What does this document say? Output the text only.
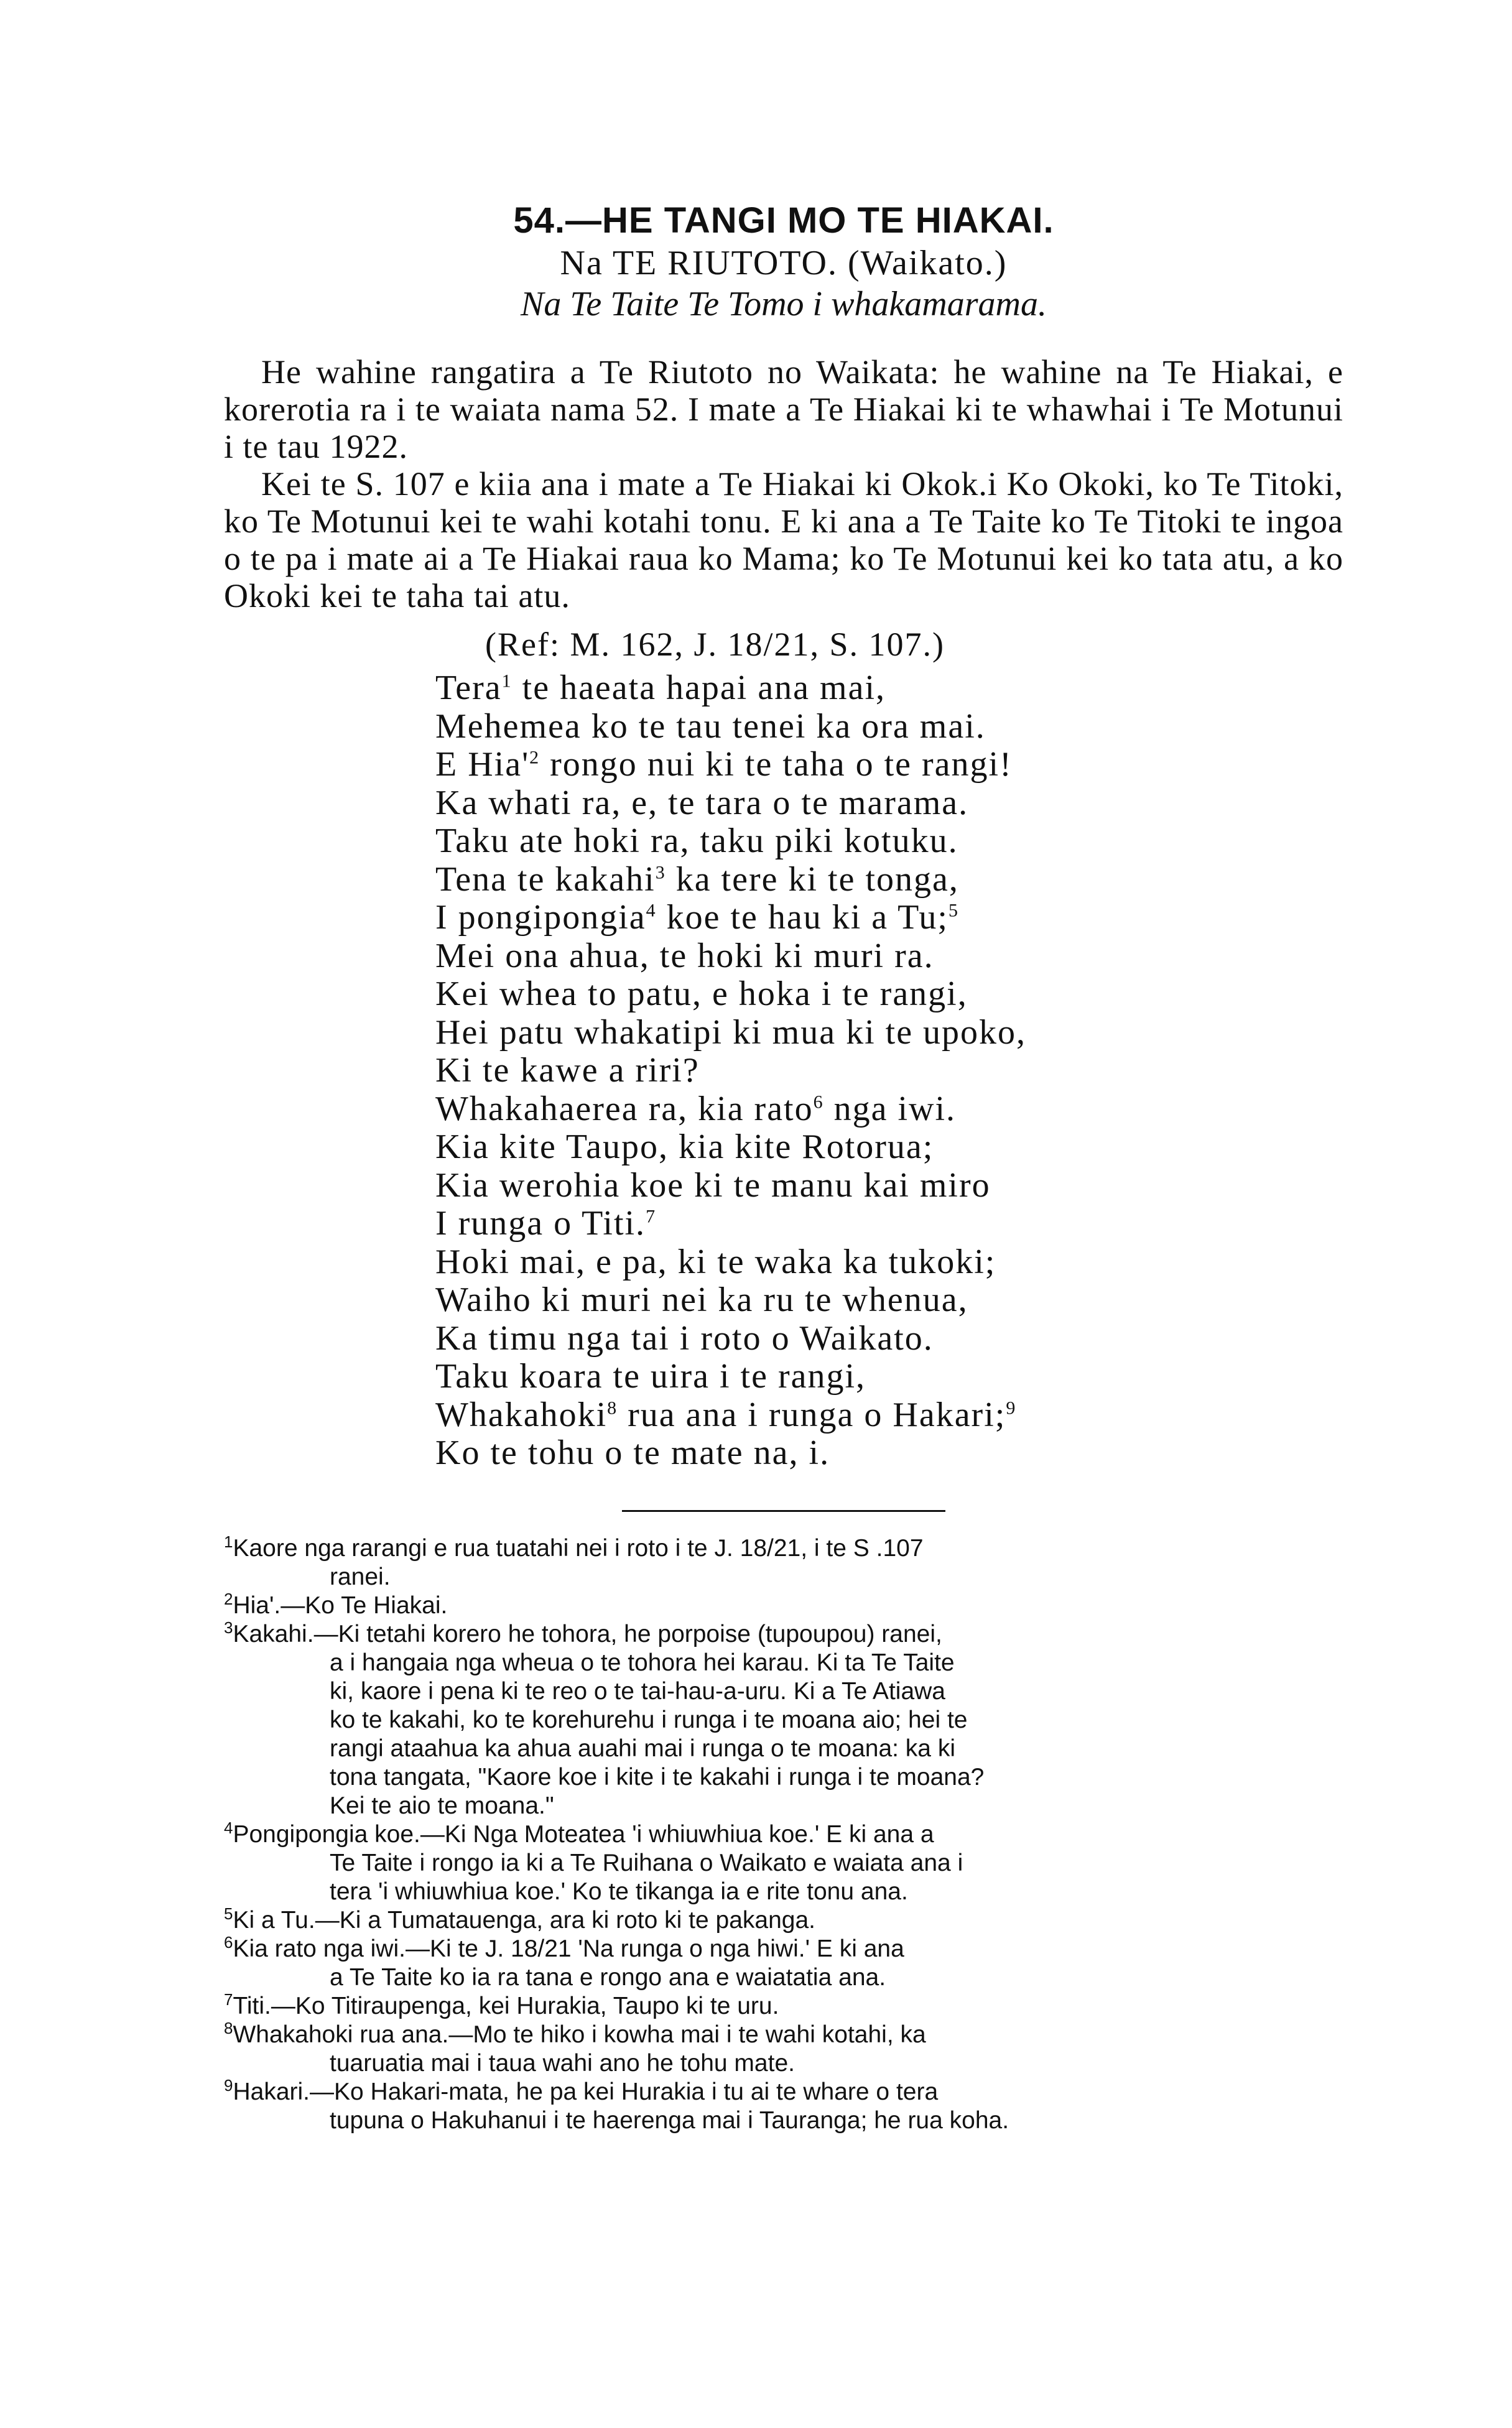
54.—HE TANGI MO TE HIAKAI.
Na TE RIUTOTO. (Waikato.)
Na Te Taite Te Tomo i whakamarama.

He wahine rangatira a Te Riutoto no Waikata: he wahine na Te Hiakai, e korerotia ra i te waiata nama 52. I mate a Te Hiakai ki te whawhai i Te Motunui i te tau 1922.

Kei te S. 107 e kiia ana i mate a Te Hiakai ki Okok.i Ko Okoki, ko Te Titoki, ko Te Motunui kei te wahi kotahi tonu. E ki ana a Te Taite ko Te Titoki te ingoa o te pa i mate ai a Te Hiakai raua ko Mama; ko Te Motunui kei ko tata atu, a ko Okoki kei te taha tai atu.

(Ref: M. 162, J. 18/21, S. 107.)
Tera$^1$ te haeata hapai ana mai,
Mehemea ko te tau tenei ka ora mai.
E $Hia'^2$ rongo nui ki te taha o te rangi!
Ka whati ra, e, te tara o te marama.
Taku ate hoki ra, taku piki kotuku.
Tena te kakahi$^3$ ka tere ki te tonga,
I pongipongia$^4$ koe te hau ki a Tu;$^5$
Mei ona ahua, te hoki ki muri ra.
Kei whea to patu, e hoka i te rangi,
Hei patu whakatipi ki mua ki te upoko,
Ki te kawe a riri?
Whakahaerea ra, kia rato$^6$ nga iwi.
Kia kite Taupo, kia kite Rotorua;
Kia werohia koe ki te manu kai miro
I runga o Titi.$^7$
Hoki mai, e pa, ki te waka ka tukoki;
Waiho ki muri nei ka ru te whenua,
Ka timu nga tai i roto o Waikato.
Taku koara te uira i te rangi,
Whakahoki$^8$ rua ana i runga o Hakari;$^9$
Ko te tohu o te mate na, i.
$^1$Kaore nga rarangi e rua tuatahi nei i roto i te J. 18/21, i te S .107
ranei.
$^2$Hia'.—Ko Te Hiakai.
$^3$Kakahi.—Ki tetahi korero he tohora, he porpoise (tupoupou) ranei,
a i hangaia nga wheua o te tohora hei karau. Ki ta Te Taite
ki, kaore i pena ki te reo o te tai-hau-a-uru. Ki a Te Atiawa
ko te kakahi, ko te korehurehu i runga i te moana aio; hei te
rangi ataahua ka ahua auahi mai i runga o te moana: ka ki
tona tangata, "Kaore koe i kite i te kakahi i runga i te moana?
Kei te aio te moana."
$^4$Pongipongia koe.—Ki Nga Moteatea 'i whiuwhiua koe.' E ki ana a
Te Taite i rongo ia ki a Te Ruihana o Waikato e waiata ana i
tera 'i whiuwhiua koe.' Ko te tikanga ia e rite tonu ana.
$^5$Ki a Tu.—Ki a Tumatauenga, ara ki roto ki te pakanga.
$^6$Kia rato nga iwi.—Ki te J. 18/21 'Na runga o nga hiwi.' E ki ana
a Te Taite ko ia ra tana e rongo ana e waiatatia ana.
$^7$Titi.—Ko Titiraupenga, kei Hurakia, Taupo ki te uru.
$^8$Whakahoki rua ana.—Mo te hiko i kowha mai i te wahi kotahi, ka
tuaruatia mai i taua wahi ano he tohu mate.
$^9$Hakari.—Ko Hakari-mata, he pa kei Hurakia i tu ai te whare o tera
tupuna o Hakuhanui i te haerenga mai i Tauranga; he rua koha.
